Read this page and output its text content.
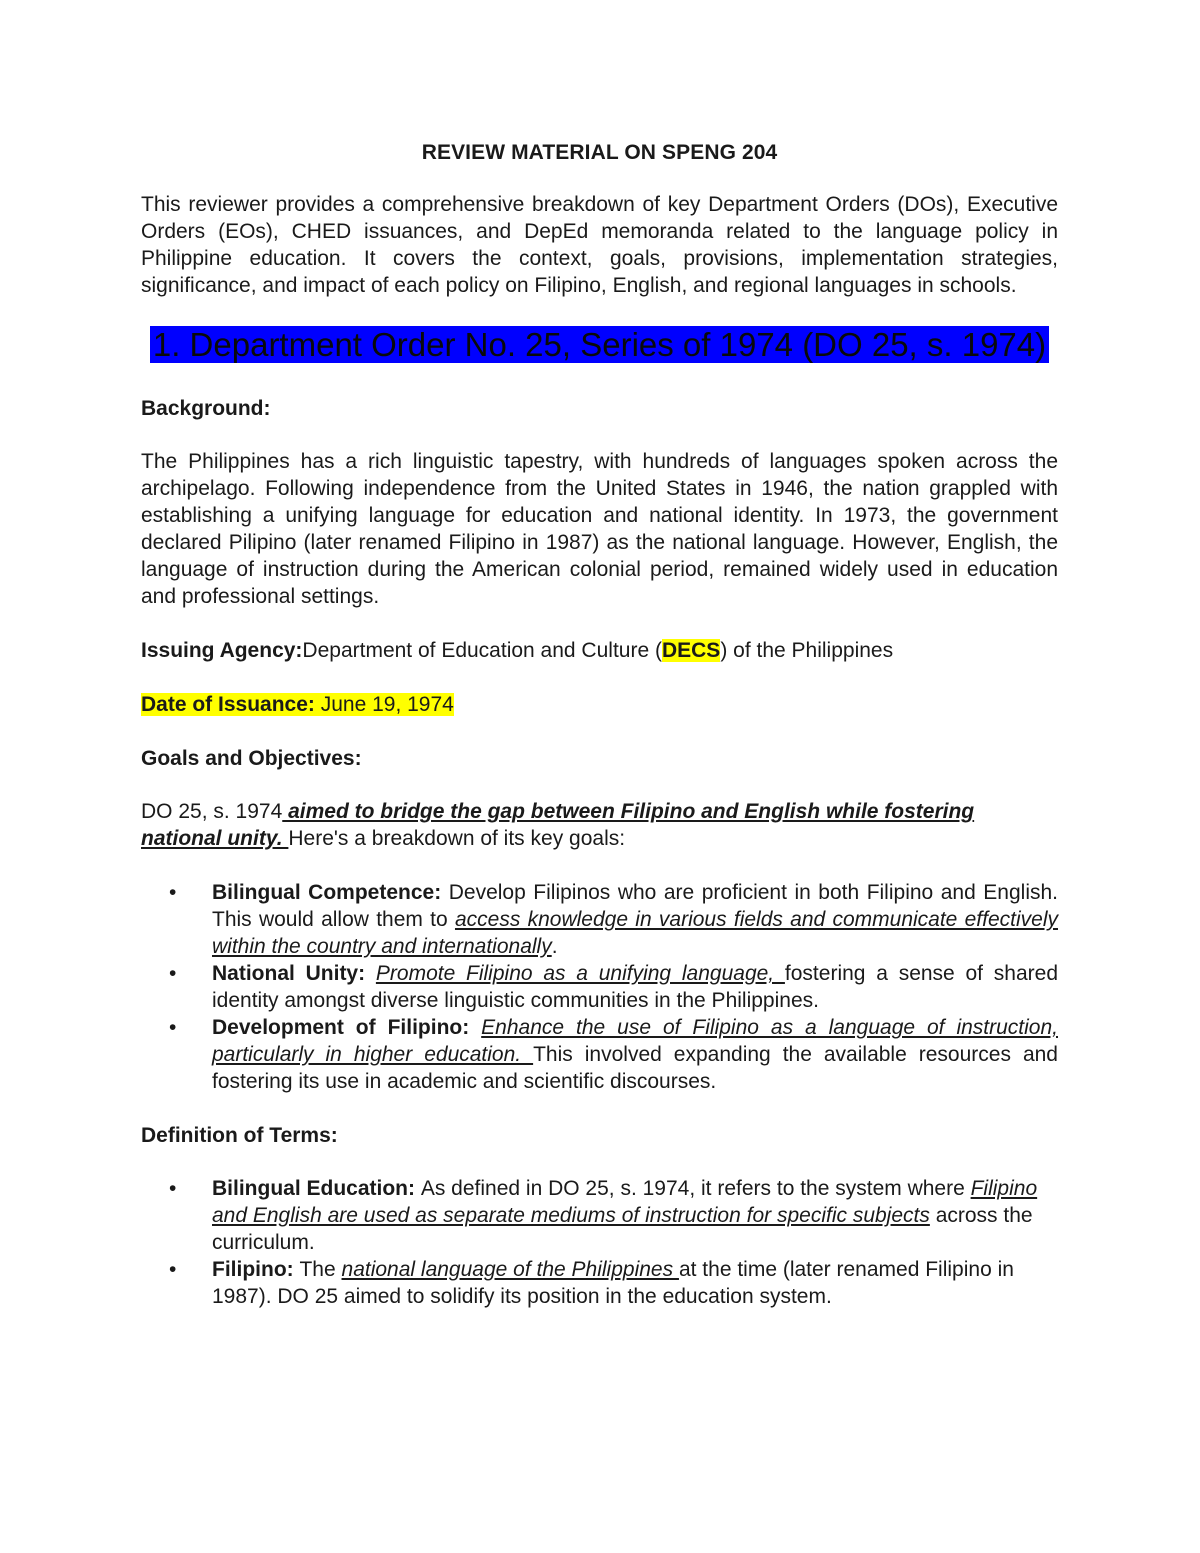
REVIEW MATERIAL ON SPENG 204

This reviewer provides a comprehensive breakdown of key Department Orders (DOs), Executive Orders (EOs), CHED issuances, and DepEd memoranda related to the language policy in Philippine education. It covers the context, goals, provisions, implementation strategies, significance, and impact of each policy on Filipino, English, and regional languages in schools.

1. Department Order No. 25, Series of 1974 (DO 25, s. 1974)

Background:

The Philippines has a rich linguistic tapestry, with hundreds of languages spoken across the archipelago. Following independence from the United States in 1946, the nation grappled with establishing a unifying language for education and national identity. In 1973, the government declared Pilipino (later renamed Filipino in 1987) as the national language. However, English, the language of instruction during the American colonial period, remained widely used in education and professional settings.

Issuing Agency:Department of Education and Culture (DECS) of the Philippines

Date of Issuance: June 19, 1974

Goals and Objectives:

DO 25, s. 1974 aimed to bridge the gap between Filipino and English while fostering national unity. Here's a breakdown of its key goals:

• Bilingual Competence: Develop Filipinos who are proficient in both Filipino and English. This would allow them to access knowledge in various fields and communicate effectively within the country and internationally.
• National Unity: Promote Filipino as a unifying language, fostering a sense of shared identity amongst diverse linguistic communities in the Philippines.
• Development of Filipino: Enhance the use of Filipino as a language of instruction, particularly in higher education. This involved expanding the available resources and fostering its use in academic and scientific discourses.

Definition of Terms:

• Bilingual Education: As defined in DO 25, s. 1974, it refers to the system where Filipino and English are used as separate mediums of instruction for specific subjects across the curriculum.
• Filipino: The national language of the Philippines at the time (later renamed Filipino in 1987). DO 25 aimed to solidify its position in the education system.
